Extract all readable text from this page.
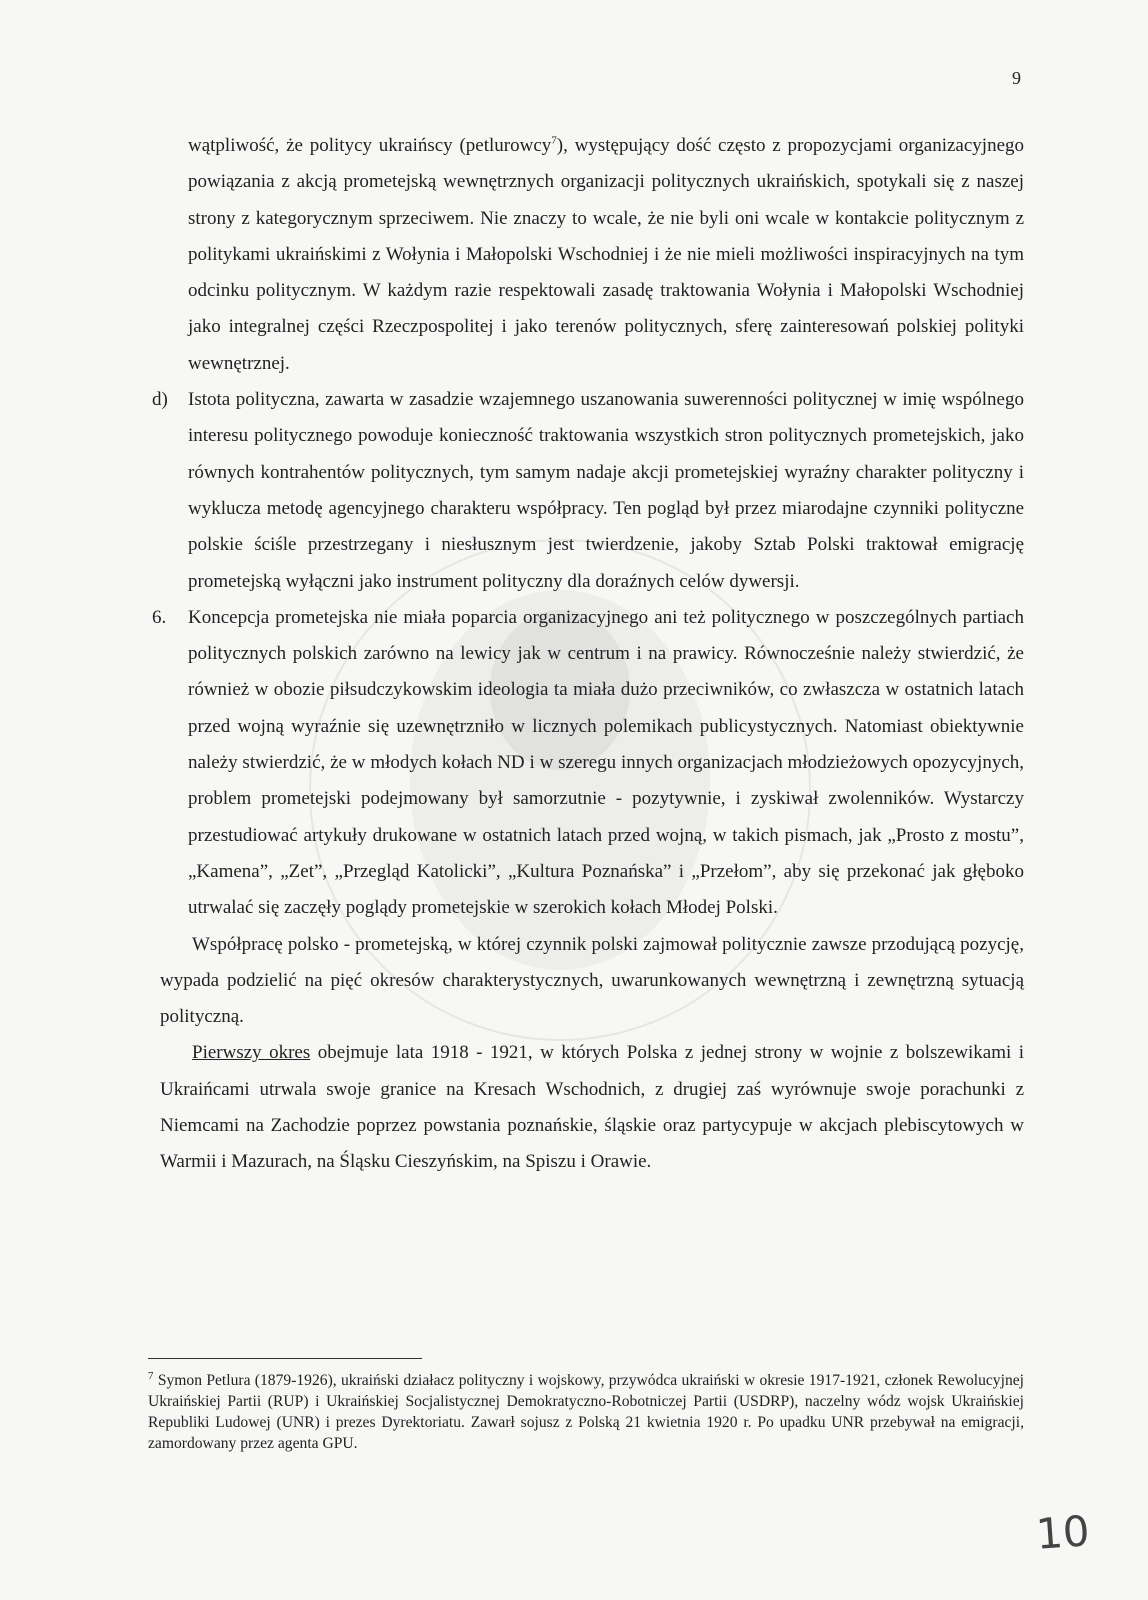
9

wątpliwość, że politycy ukraińscy (petlurowcy$^7$), występujący dość często z propozycjami organizacyjnego powiązania z akcją prometejską wewnętrznych organizacji politycznych ukraińskich, spotykali się z naszej strony z kategorycznym sprzeciwem. Nie znaczy to wcale, że nie byli oni wcale w kontakcie politycznym z politykami ukraińskimi z Wołynia i Małopolski Wschodniej i że nie mieli możliwości inspiracyjnych na tym odcinku politycznym. W każdym razie respektowali zasadę traktowania Wołynia i Małopolski Wschodniej jako integralnej części Rzeczpospolitej i jako terenów politycznych, sferę zainteresowań polskiej polityki wewnętrznej.

d) Istota polityczna, zawarta w zasadzie wzajemnego uszanowania suwerenności politycznej w imię wspólnego interesu politycznego powoduje konieczność traktowania wszystkich stron politycznych prometejskich, jako równych kontrahentów politycznych, tym samym nadaje akcji prometejskiej wyraźny charakter polityczny i wyklucza metodę agencyjnego charakteru współpracy. Ten pogląd był przez miarodajne czynniki polityczne polskie ściśle przestrzegany i niesłusznym jest twierdzenie, jakoby Sztab Polski traktował emigrację prometejską wyłączni jako instrument polityczny dla doraźnych celów dywersji.

6. Koncepcja prometejska nie miała poparcia organizacyjnego ani też politycznego w poszczególnych partiach politycznych polskich zarówno na lewicy jak w centrum i na prawicy. Równocześnie należy stwierdzić, że również w obozie piłsudczykowskim ideologia ta miała dużo przeciwników, co zwłaszcza w ostatnich latach przed wojną wyraźnie się uzewnętrzniło w licznych polemikach publicystycznych. Natomiast obiektywnie należy stwierdzić, że w młodych kołach ND i w szeregu innych organizacjach młodzieżowych opozycyjnych, problem prometejski podejmowany był samorzutnie - pozytywnie, i zyskiwał zwolenników. Wystarczy przestudiować artykuły drukowane w ostatnich latach przed wojną, w takich pismach, jak „Prosto z mostu”, „Kamena”, „Zet”, „Przegląd Katolicki”, „Kultura Poznańska” i „Przełom”, aby się przekonać jak głęboko utrwalać się zaczęły poglądy prometejskie w szerokich kołach Młodej Polski.

Współpracę polsko - prometejską, w której czynnik polski zajmował politycznie zawsze przodującą pozycję, wypada podzielić na pięć okresów charakterystycznych, uwarunkowanych wewnętrzną i zewnętrzną sytuacją polityczną.

Pierwszy okres obejmuje lata 1918 - 1921, w których Polska z jednej strony w wojnie z bolszewikami i Ukraińcami utrwala swoje granice na Kresach Wschodnich, z drugiej zaś wyrównuje swoje porachunki z Niemcami na Zachodzie poprzez powstania poznańskie, śląskie oraz partycypuje w akcjach plebiscytowych w Warmii i Mazurach, na Śląsku Cieszyńskim, na Spiszu i Orawie.

$^7$ Symon Petlura (1879-1926), ukraiński działacz polityczny i wojskowy, przywódca ukraiński w okresie 1917-1921, członek Rewolucyjnej Ukraińskiej Partii (RUP) i Ukraińskiej Socjalistycznej Demokratyczno-Robotniczej Partii (USDRP), naczelny wódz wojsk Ukraińskiej Republiki Ludowej (UNR) i prezes Dyrektoriatu. Zawarł sojusz z Polską 21 kwietnia 1920 r. Po upadku UNR przebywał na emigracji, zamordowany przez agenta GPU.
10
